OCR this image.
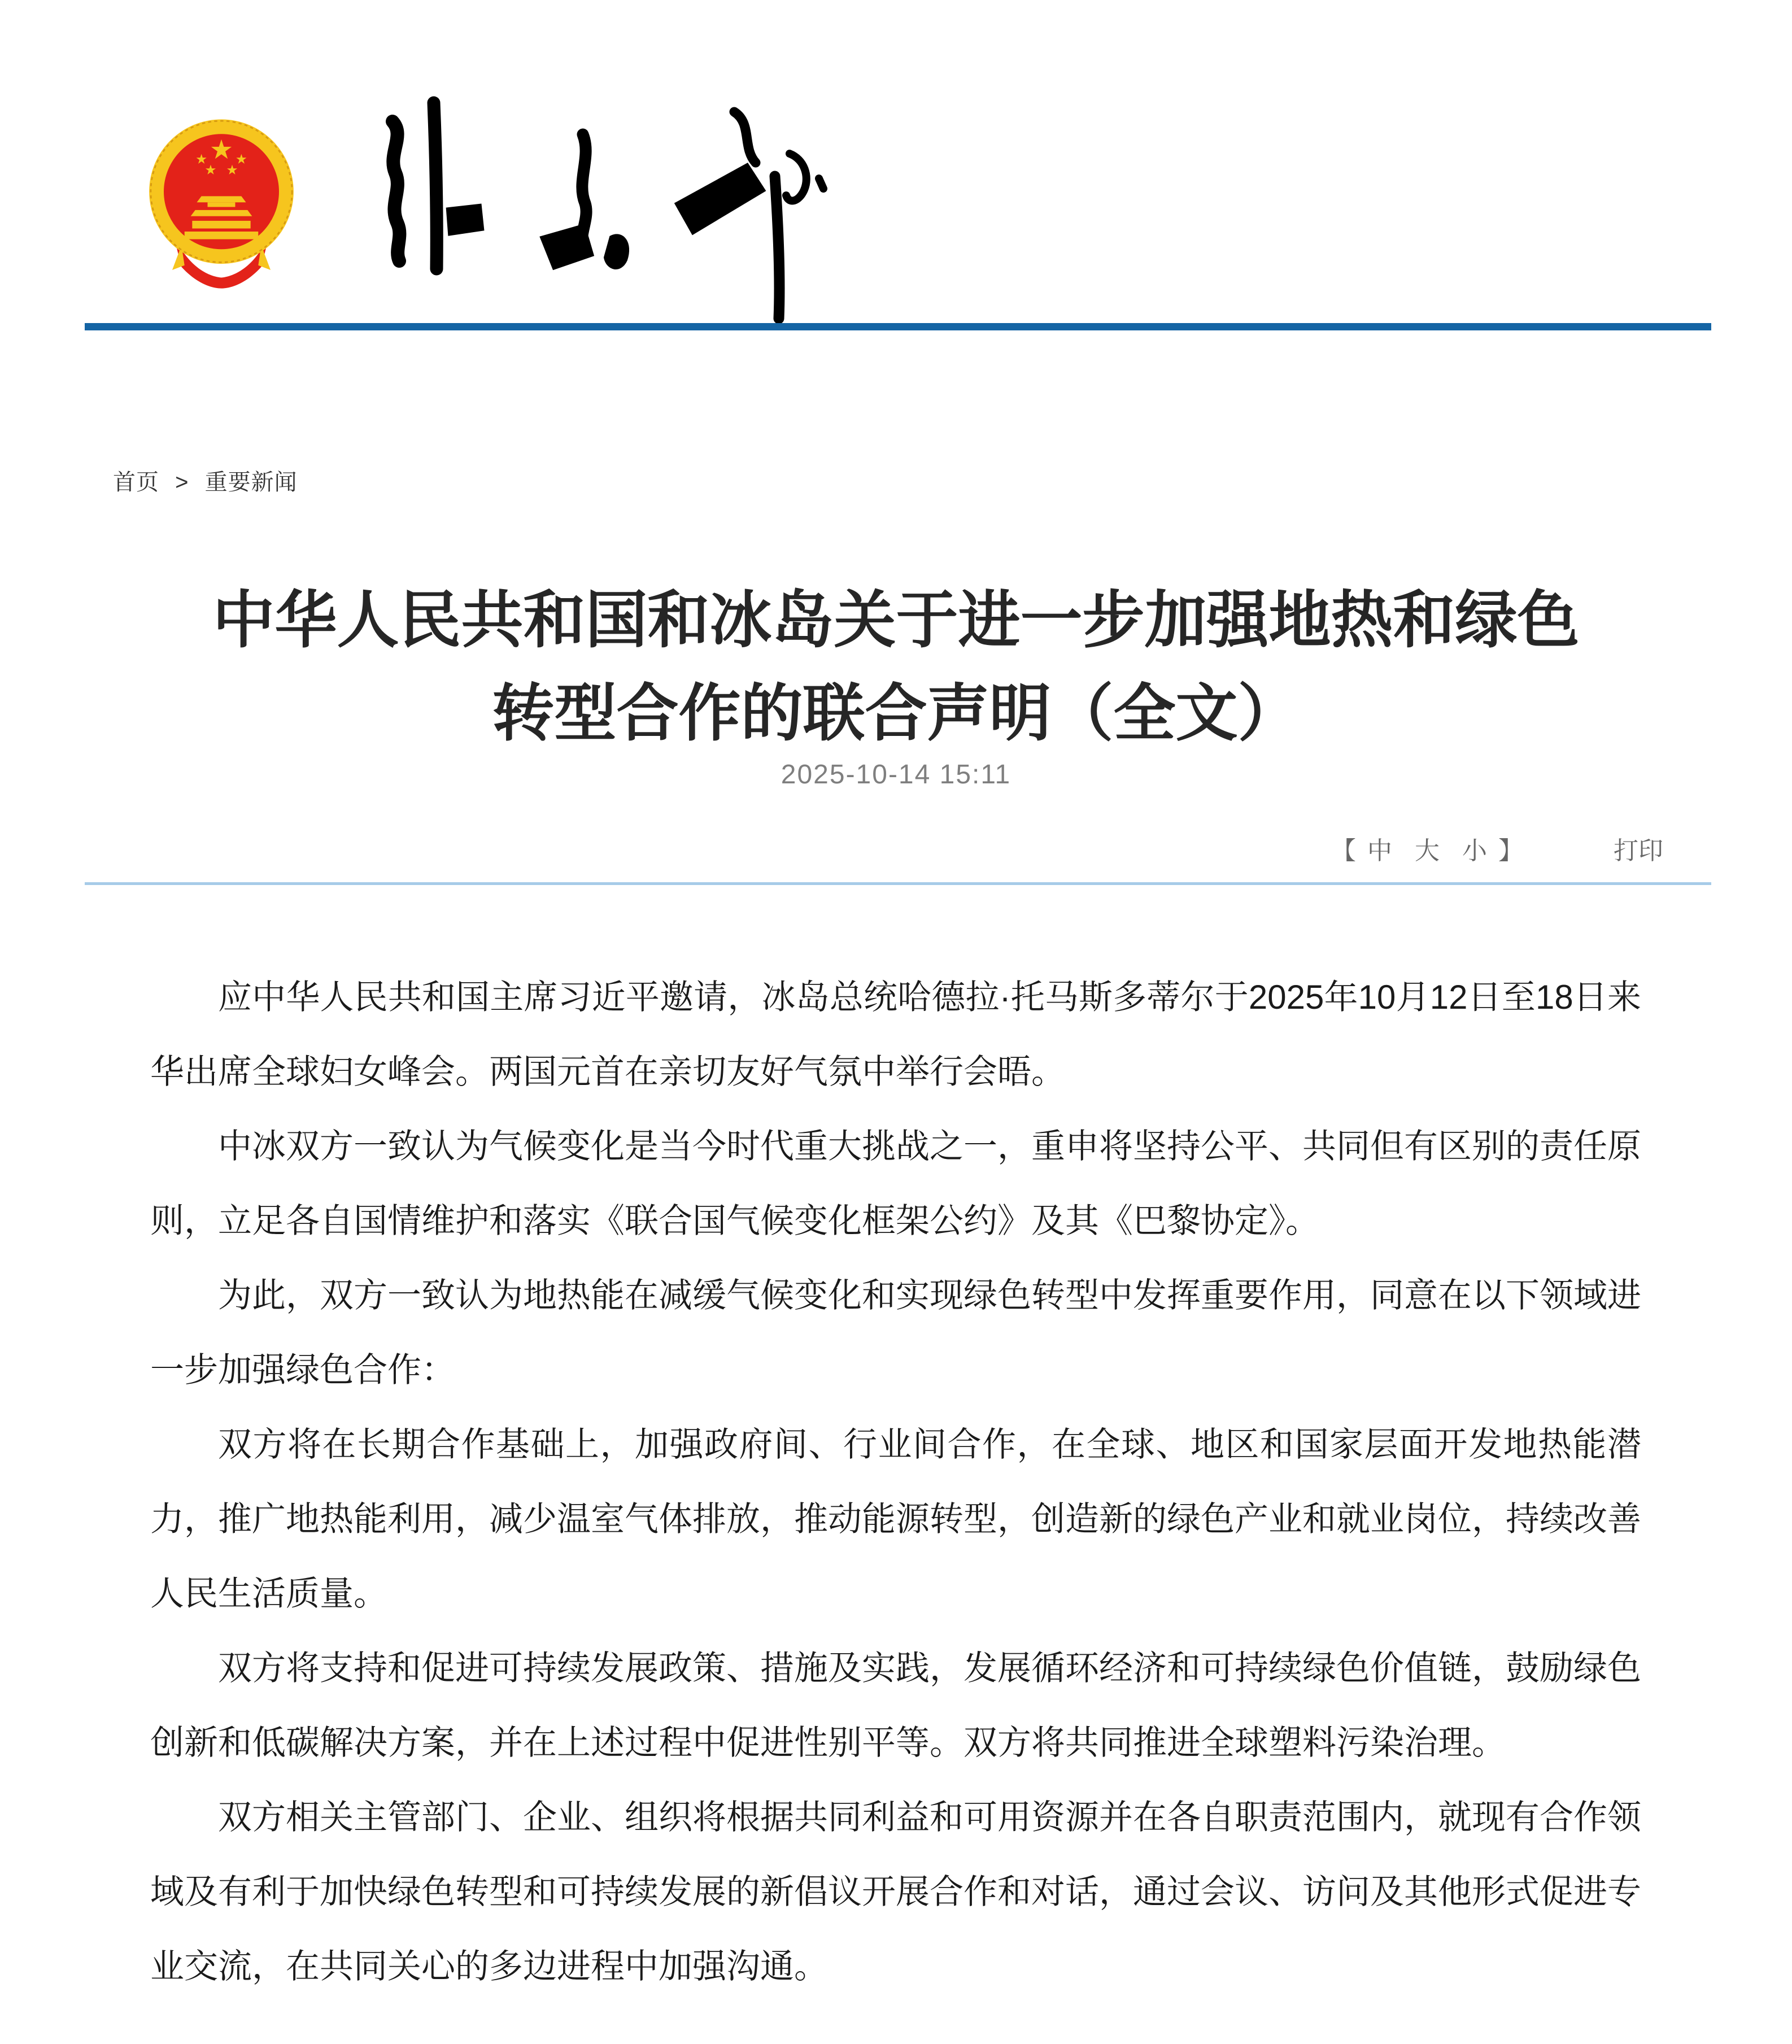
首页 > 重要新闻
中华人民共和国和冰岛关于进一步加强地热和绿色转型合作的联合声明（全文）
2025-10-14 15:11
【 中 大 小 】	打印

应中华人民共和国主席习近平邀请，冰岛总统哈德拉·托马斯多蒂尔于2025年10月12日至18日来华出席全球妇女峰会。两国元首在亲切友好气氛中举行会晤。

中冰双方一致认为气候变化是当今时代重大挑战之一，重申将坚持公平、共同但有区别的责任原则，立足各自国情维护和落实《联合国气候变化框架公约》及其《巴黎协定》。

为此，双方一致认为地热能在减缓气候变化和实现绿色转型中发挥重要作用，同意在以下领域进一步加强绿色合作：

双方将在长期合作基础上，加强政府间、行业间合作，在全球、地区和国家层面开发地热能潜力，推广地热能利用，减少温室气体排放，推动能源转型，创造新的绿色产业和就业岗位，持续改善人民生活质量。

双方将支持和促进可持续发展政策、措施及实践，发展循环经济和可持续绿色价值链，鼓励绿色创新和低碳解决方案，并在上述过程中促进性别平等。双方将共同推进全球塑料污染治理。

双方相关主管部门、企业、组织将根据共同利益和可用资源并在各自职责范围内，就现有合作领域及有利于加快绿色转型和可持续发展的新倡议开展合作和对话，通过会议、访问及其他形式促进专业交流，在共同关心的多边进程中加强沟通。
